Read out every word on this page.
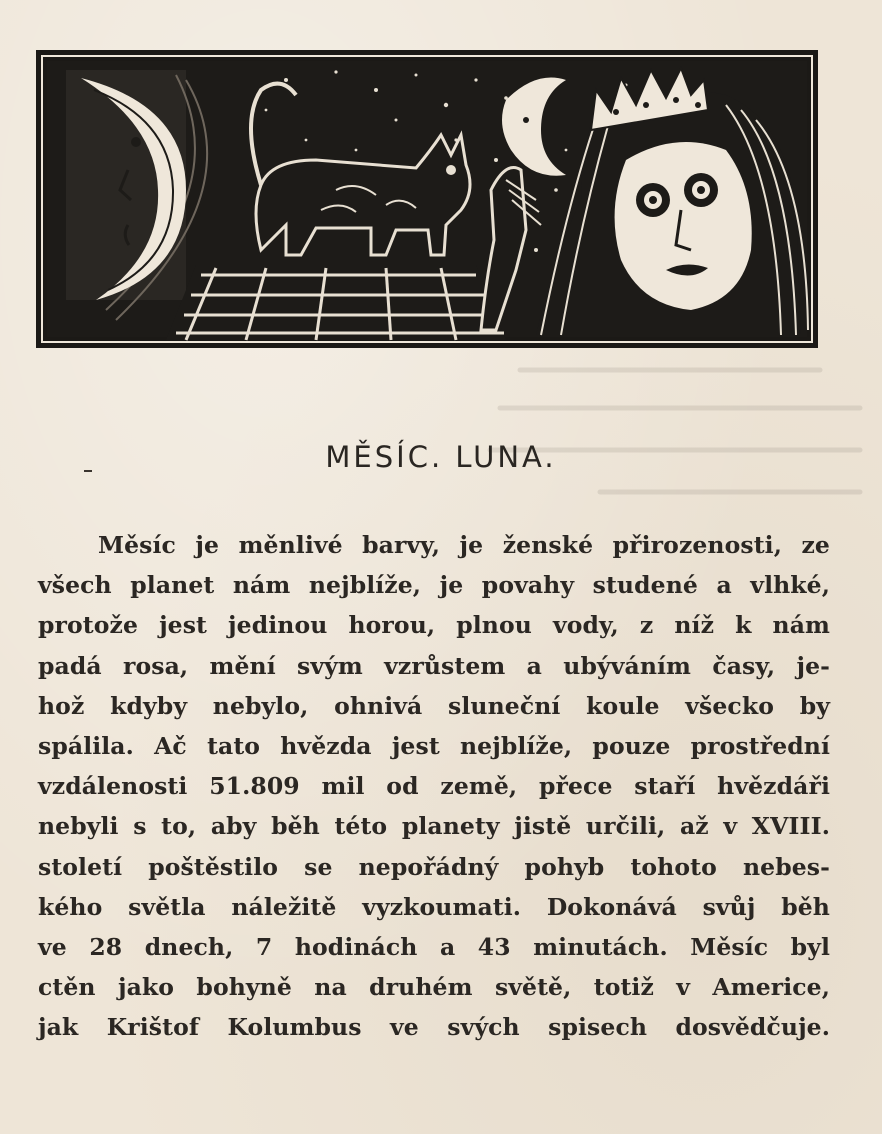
MĚSÍC. LUNA.
Měsíc je měnlivé barvy, je ženské přirozenosti, ze
všech planet nám nejblíže, je povahy studené a vlhké,
protože jest jedinou horou, plnou vody, z níž k nám
padá rosa, mění svým vzrůstem a ubýváním časy, je-
hož kdyby nebylo, ohnivá sluneční koule všecko by
spálila. Ač tato hvězda jest nejblíže, pouze prostřední
vzdálenosti 51.809 mil od země, přece staří hvězdáři
nebyli s to, aby běh této planety jistě určili, až v XVIII.
století poštěstilo se nepořádný pohyb tohoto nebes-
kého světla náležitě vyzkoumati. Dokonává svůj běh
ve 28 dnech, 7 hodinách a 43 minutách. Měsíc byl
ctěn jako bohyně na druhém světě, totiž v Americe,
jak Krištof Kolumbus ve svých spisech dosvědčuje.
